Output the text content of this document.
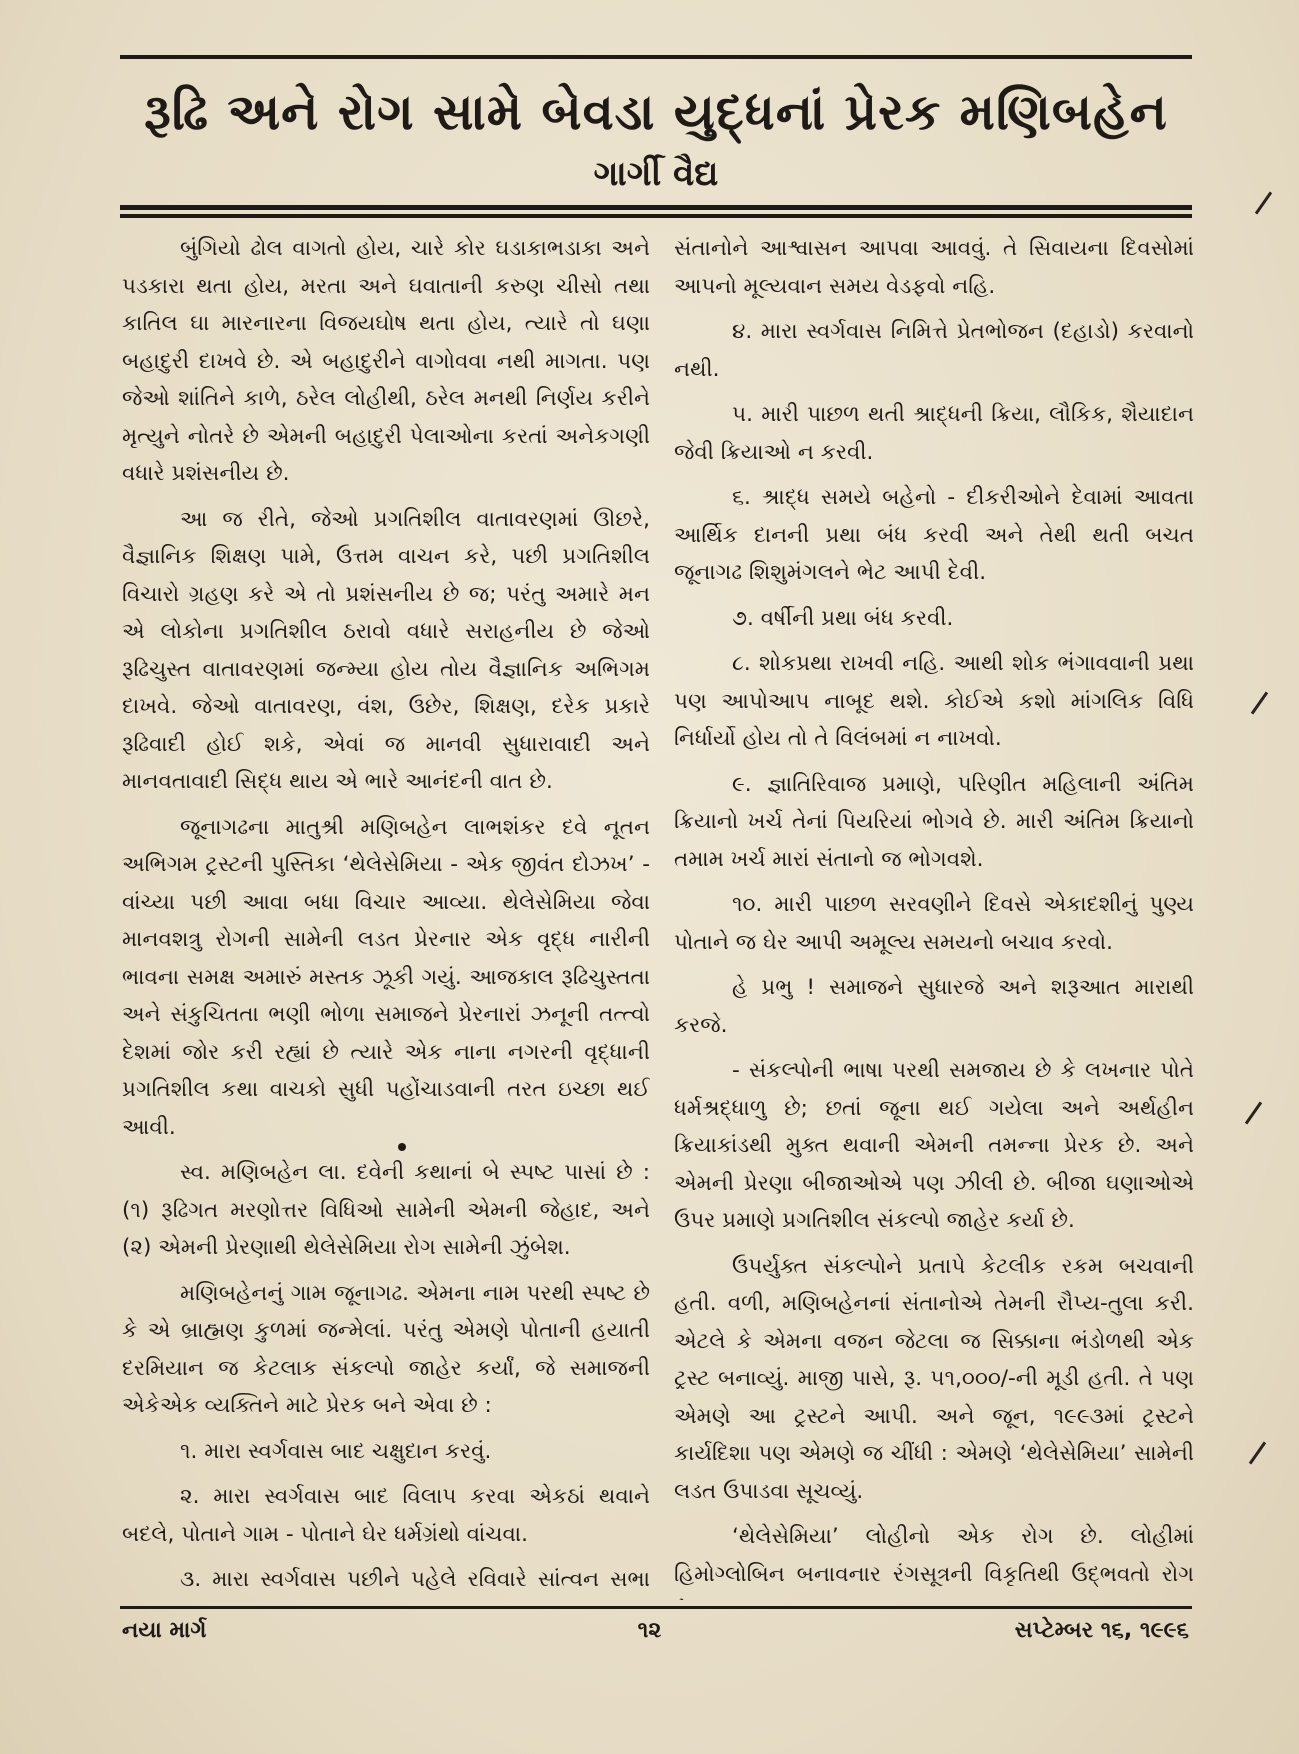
રૂઢિ અને રોગ સામે બેવડા યુદ્ધનાં પ્રેરક મણિબહેન
ગાર્ગી વૈદ્ય

બુંગિયો ઢોલ વાગતો હોય, ચારે કોર ઘડાકાભડાકા અને પડકારા થતા હોય, મરતા અને ઘવાતાની કરુણ ચીસો તથા કાતિલ ઘા મારનારના વિજયઘોષ થતા હોય, ત્યારે તો ઘણા બહાદુરી દાખવે છે. એ બહાદુરીને વાગોવવા નથી માગતા. પણ જેઓ શાંતિને કાળે, ઠરેલ લોહીથી, ઠરેલ મનથી નિર્ણય કરીને મૃત્યુને નોતરે છે એમની બહાદુરી પેલાઓના કરતાં અનેકગણી વધારે પ્રશંસનીય છે.

આ જ રીતે, જેઓ પ્રગતિશીલ વાતાવરણમાં ઊછરે, વૈજ્ઞાનિક શિક્ષણ પામે, ઉત્તમ વાચન કરે, પછી પ્રગતિશીલ વિચારો ગ્રહણ કરે એ તો પ્રશંસનીય છે જ; પરંતુ અમારે મન એ લોકોના પ્રગતિશીલ ઠરાવો વધારે સરાહનીય છે જેઓ રૂઢિચુસ્ત વાતાવરણમાં જન્મ્યા હોય તોય વૈજ્ઞાનિક અભિગમ દાખવે. જેઓ વાતાવરણ, વંશ, ઉછેર, શિક્ષણ, દરેક પ્રકારે રૂઢિવાદી હોઈ શકે, એવાં જ માનવી સુધારાવાદી અને માનવતાવાદી સિદ્ધ થાય એ ભારે આનંદની વાત છે.

જૂનાગઢના માતુશ્રી મણિબહેન લાભશંકર દવે નૂતન અભિગમ ટ્રસ્ટની પુસ્તિકા ‘થેલેસેમિયા - એક જીવંત દોઝખ’ - વાંચ્યા પછી આવા બધા વિચાર આવ્યા. થેલેસેમિયા જેવા માનવશત્રુ રોગની સામેની લડત પ્રેરનાર એક વૃદ્ધ નારીની ભાવના સમક્ષ અમારું મસ્તક ઝૂકી ગયું. આજકાલ રૂઢિચુસ્તતા અને સંકુચિતતા ભણી ભોળા સમાજને પ્રેરનારાં ઝનૂની તત્ત્વો દેશમાં જોર કરી રહ્યાં છે ત્યારે એક નાના નગરની વૃદ્ધાની પ્રગતિશીલ કથા વાચકો સુધી પહોંચાડવાની તરત ઇચ્છા થઈ આવી.

સ્વ. મણિબહેન લા. દવેની કથાનાં બે સ્પષ્ટ પાસાં છે : (૧) રૂઢિગત મરણોત્તર વિધિઓ સામેની એમની જેહાદ, અને (૨) એમની પ્રેરણાથી થેલેસેમિયા રોગ સામેની ઝુંબેશ.

મણિબહેનનું ગામ જૂનાગઢ. એમના નામ પરથી સ્પષ્ટ છે કે એ બ્રાહ્મણ કુળમાં જન્મેલાં. પરંતુ એમણે પોતાની હયાતી દરમિયાન જ કેટલાક સંકલ્પો જાહેર કર્યાં, જે સમાજની એકેએક વ્યક્તિને માટે પ્રેરક બને એવા છે :

૧. મારા સ્વર્ગવાસ બાદ ચક્ષુદાન કરવું.

૨. મારા સ્વર્ગવાસ બાદ વિલાપ કરવા એકઠાં થવાને બદલે, પોતાને ગામ - પોતાને ઘેર ધર્મગ્રંથો વાંચવા.

૩. મારા સ્વર્ગવાસ પછીને પહેલે રવિવારે સાંત્વન સભા

સંતાનોને આશ્વાસન આપવા આવવું. તે સિવાયના દિવસોમાં આપનો મૂલ્યવાન સમય વેડફવો નહિ.

૪. મારા સ્વર્ગવાસ નિમિત્તે પ્રેતભોજન (દહાડો) કરવાનો નથી.

૫. મારી પાછળ થતી શ્રાદ્ધની ક્રિયા, લૌકિક, શૈયાદાન જેવી ક્રિયાઓ ન કરવી.

૬. શ્રાદ્ધ સમયે બહેનો - દીકરીઓને દેવામાં આવતા આર્થિક દાનની પ્રથા બંધ કરવી અને તેથી થતી બચત જૂનાગઢ શિશુમંગલને ભેટ આપી દેવી.

૭. વર્ષીની પ્રથા બંધ કરવી.

૮. શોકપ્રથા રાખવી નહિ. આથી શોક ભંગાવવાની પ્રથા પણ આપોઆપ નાબૂદ થશે. કોઈએ કશો માંગલિક વિધિ નિર્ધાર્યો હોય તો તે વિલંબમાં ન નાખવો.

૯. જ્ઞાતિરિવાજ પ્રમાણે, પરિણીત મહિલાની અંતિમ ક્રિયાનો ખર્ચ તેનાં પિયરિયાં ભોગવે છે. મારી અંતિમ ક્રિયાનો તમામ ખર્ચ મારાં સંતાનો જ ભોગવશે.

૧૦. મારી પાછળ સરવણીને દિવસે એકાદશીનું પુણ્ય પોતાને જ ઘેર આપી અમૂલ્ય સમયનો બચાવ કરવો.

હે પ્રભુ ! સમાજને સુધારજે અને શરૂઆત મારાથી કરજે.

- સંકલ્પોની ભાષા પરથી સમજાય છે કે લખનાર પોતે ધર્મશ્રદ્ધાળુ છે; છતાં જૂના થઈ ગયેલા અને અર્થહીન ક્રિયાકાંડથી મુક્ત થવાની એમની તમન્ના પ્રેરક છે. અને એમની પ્રેરણા બીજાઓએ પણ ઝીલી છે. બીજા ઘણાઓએ ઉપર પ્રમાણે પ્રગતિશીલ સંકલ્પો જાહેર કર્યા છે.

ઉપર્યુક્ત સંકલ્પોને પ્રતાપે કેટલીક રકમ બચવાની હતી. વળી, મણિબહેનનાં સંતાનોએ તેમની રૌપ્ય-તુલા કરી. એટલે કે એમના વજન જેટલા જ સિક્કાના ભંડોળથી એક ટ્રસ્ટ બનાવ્યું. માજી પાસે, રૂ. ૫૧,૦૦૦/-ની મૂડી હતી. તે પણ એમણે આ ટ્રસ્ટને આપી. અને જૂન, ૧૯૯૩માં ટ્રસ્ટને કાર્યદિશા પણ એમણે જ ચીંધી : એમણે ‘થેલેસેમિયા’ સામેની લડત ઉપાડવા સૂચવ્યું.

‘થેલેસેમિયા’ લોહીનો એક રોગ છે. લોહીમાં હિમોગ્લોબિન બનાવનાર રંગસૂત્રની વિકૃતિથી ઉદ્ભવતો રોગ

નયા માર્ગ	૧૨	સપ્ટેમ્બર ૧૬, ૧૯૯૬
